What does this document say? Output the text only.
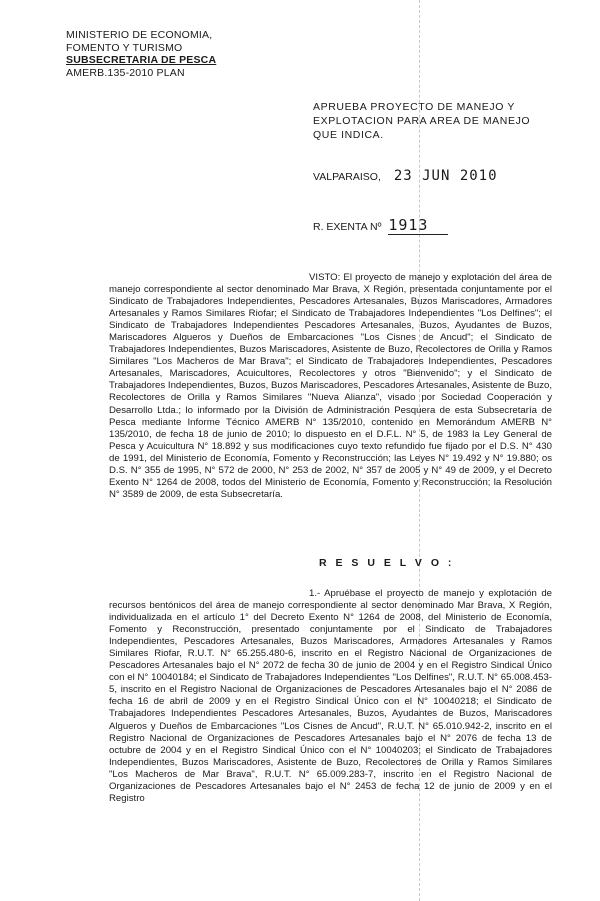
MINISTERIO DE ECONOMIA,
FOMENTO Y TURISMO
SUBSECRETARIA DE PESCA
AMERB.135-2010 PLAN
APRUEBA PROYECTO DE MANEJO Y EXPLOTACION PARA AREA DE MANEJO QUE INDICA.
VALPARAISO, 23 JUN 2010
R. EXENTA Nº 1913
VISTO: El proyecto de manejo y explotación del área de manejo correspondiente al sector denominado Mar Brava, X Región, presentada conjuntamente por el Sindicato de Trabajadores Independientes, Pescadores Artesanales, Buzos Mariscadores, Armadores Artesanales y Ramos Similares Riofar; el Sindicato de Trabajadores Independientes "Los Delfines"; el Sindicato de Trabajadores Independientes Pescadores Artesanales, Buzos, Ayudantes de Buzos, Mariscadores Algueros y Dueños de Embarcaciones "Los Cisnes de Ancud"; el Sindicato de Trabajadores Independientes, Buzos Mariscadores, Asistente de Buzo, Recolectores de Orilla y Ramos Similares "Los Macheros de Mar Brava"; el Sindicato de Trabajadores Independientes, Pescadores Artesanales, Mariscadores, Acuicultores, Recolectores y otros "Bienvenido"; y el Sindicato de Trabajadores Independientes, Buzos, Buzos Mariscadores, Pescadores Artesanales, Asistente de Buzo, Recolectores de Orilla y Ramos Similares "Nueva Alianza", visado por Sociedad Cooperación y Desarrollo Ltda.; lo informado por la División de Administración Pesquera de esta Subsecretaría de Pesca mediante Informe Técnico AMERB N° 135/2010, contenido en Memorándum AMERB N° 135/2010, de fecha 18 de junio de 2010; lo dispuesto en el D.F.L. N° 5, de 1983 la Ley General de Pesca y Acuicultura N° 18.892 y sus modificaciones cuyo texto refundido fue fijado por el D.S. N° 430 de 1991, del Ministerio de Economía, Fomento y Reconstrucción; las Leyes N° 19.492 y N° 19.880; os D.S. N° 355 de 1995, N° 572 de 2000, N° 253 de 2002, N° 357 de 2005 y N° 49 de 2009, y el Decreto Exento N° 1264 de 2008, todos del Ministerio de Economía, Fomento y Reconstrucción; la Resolución N° 3589 de 2009, de esta Subsecretaría.
R E S U E L V O :
1.- Apruébase el proyecto de manejo y explotación de recursos bentónicos del área de manejo correspondiente al sector denominado Mar Brava, X Región, individualizada en el artículo 1° del Decreto Exento N° 1264 de 2008, del Ministerio de Economía, Fomento y Reconstrucción, presentado conjuntamente por el Sindicato de Trabajadores Independientes, Pescadores Artesanales, Buzos Mariscadores, Armadores Artesanales y Ramos Similares Riofar, R.U.T. N° 65.255.480-6, inscrito en el Registro Nacional de Organizaciones de Pescadores Artesanales bajo el N° 2072 de fecha 30 de junio de 2004 y en el Registro Sindical Único con el N° 10040184; el Sindicato de Trabajadores Independientes "Los Delfines", R.U.T. N° 65.008.453-5, inscrito en el Registro Nacional de Organizaciones de Pescadores Artesanales bajo el N° 2086 de fecha 16 de abril de 2009 y en el Registro Sindical Único con el N° 10040218; el Sindicato de Trabajadores Independientes Pescadores Artesanales, Buzos, Ayudantes de Buzos, Mariscadores Algueros y Dueños de Embarcaciones "Los Cisnes de Ancud", R.U.T. N° 65.010.942-2, inscrito en el Registro Nacional de Organizaciones de Pescadores Artesanales bajo el N° 2076 de fecha 13 de octubre de 2004 y en el Registro Sindical Único con el N° 10040203; el Sindicato de Trabajadores Independientes, Buzos Mariscadores, Asistente de Buzo, Recolectores de Orilla y Ramos Similares "Los Macheros de Mar Brava", R.U.T. N° 65.009.283-7, inscrito en el Registro Nacional de Organizaciones de Pescadores Artesanales bajo el N° 2453 de fecha 12 de junio de 2009 y en el Registro
